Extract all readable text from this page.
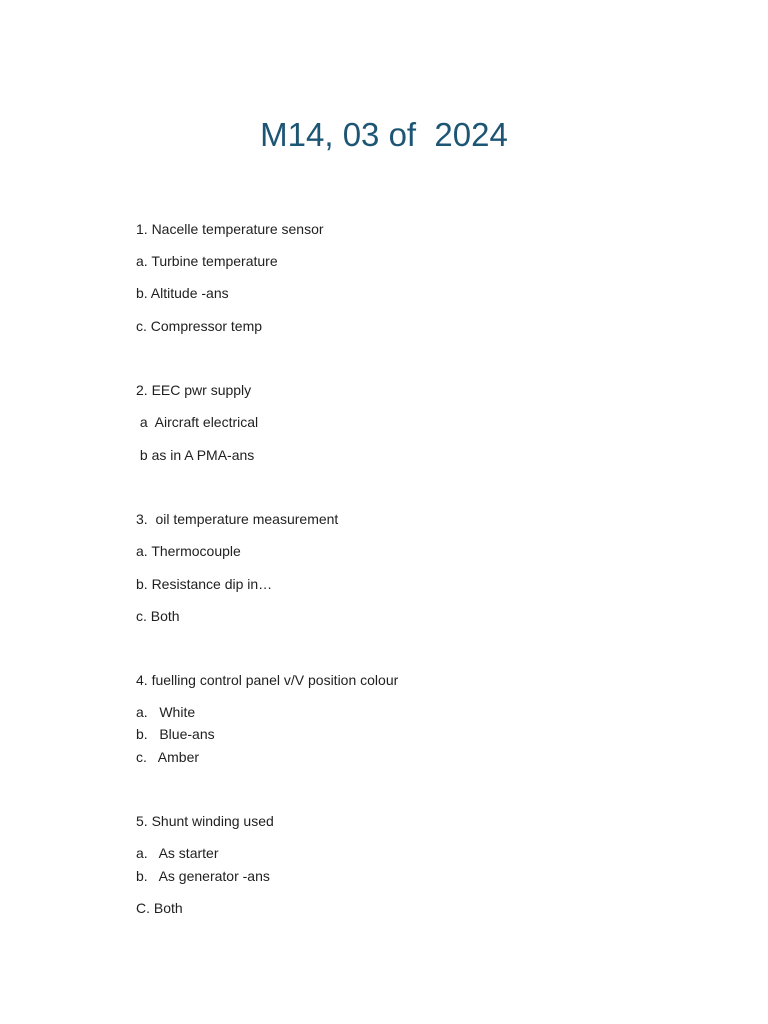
M14, 03 of  2024
1. Nacelle temperature sensor
a. Turbine temperature
b. Altitude -ans
c. Compressor temp
2. EEC pwr supply
a  Aircraft electrical
b as in A PMA-ans
3.  oil temperature measurement
a. Thermocouple
b. Resistance dip in…
c. Both
4. fuelling control panel v/V position colour
a.   White
b.   Blue-ans
c.   Amber
5. Shunt winding used
a.   As starter
b.   As generator -ans
C. Both
